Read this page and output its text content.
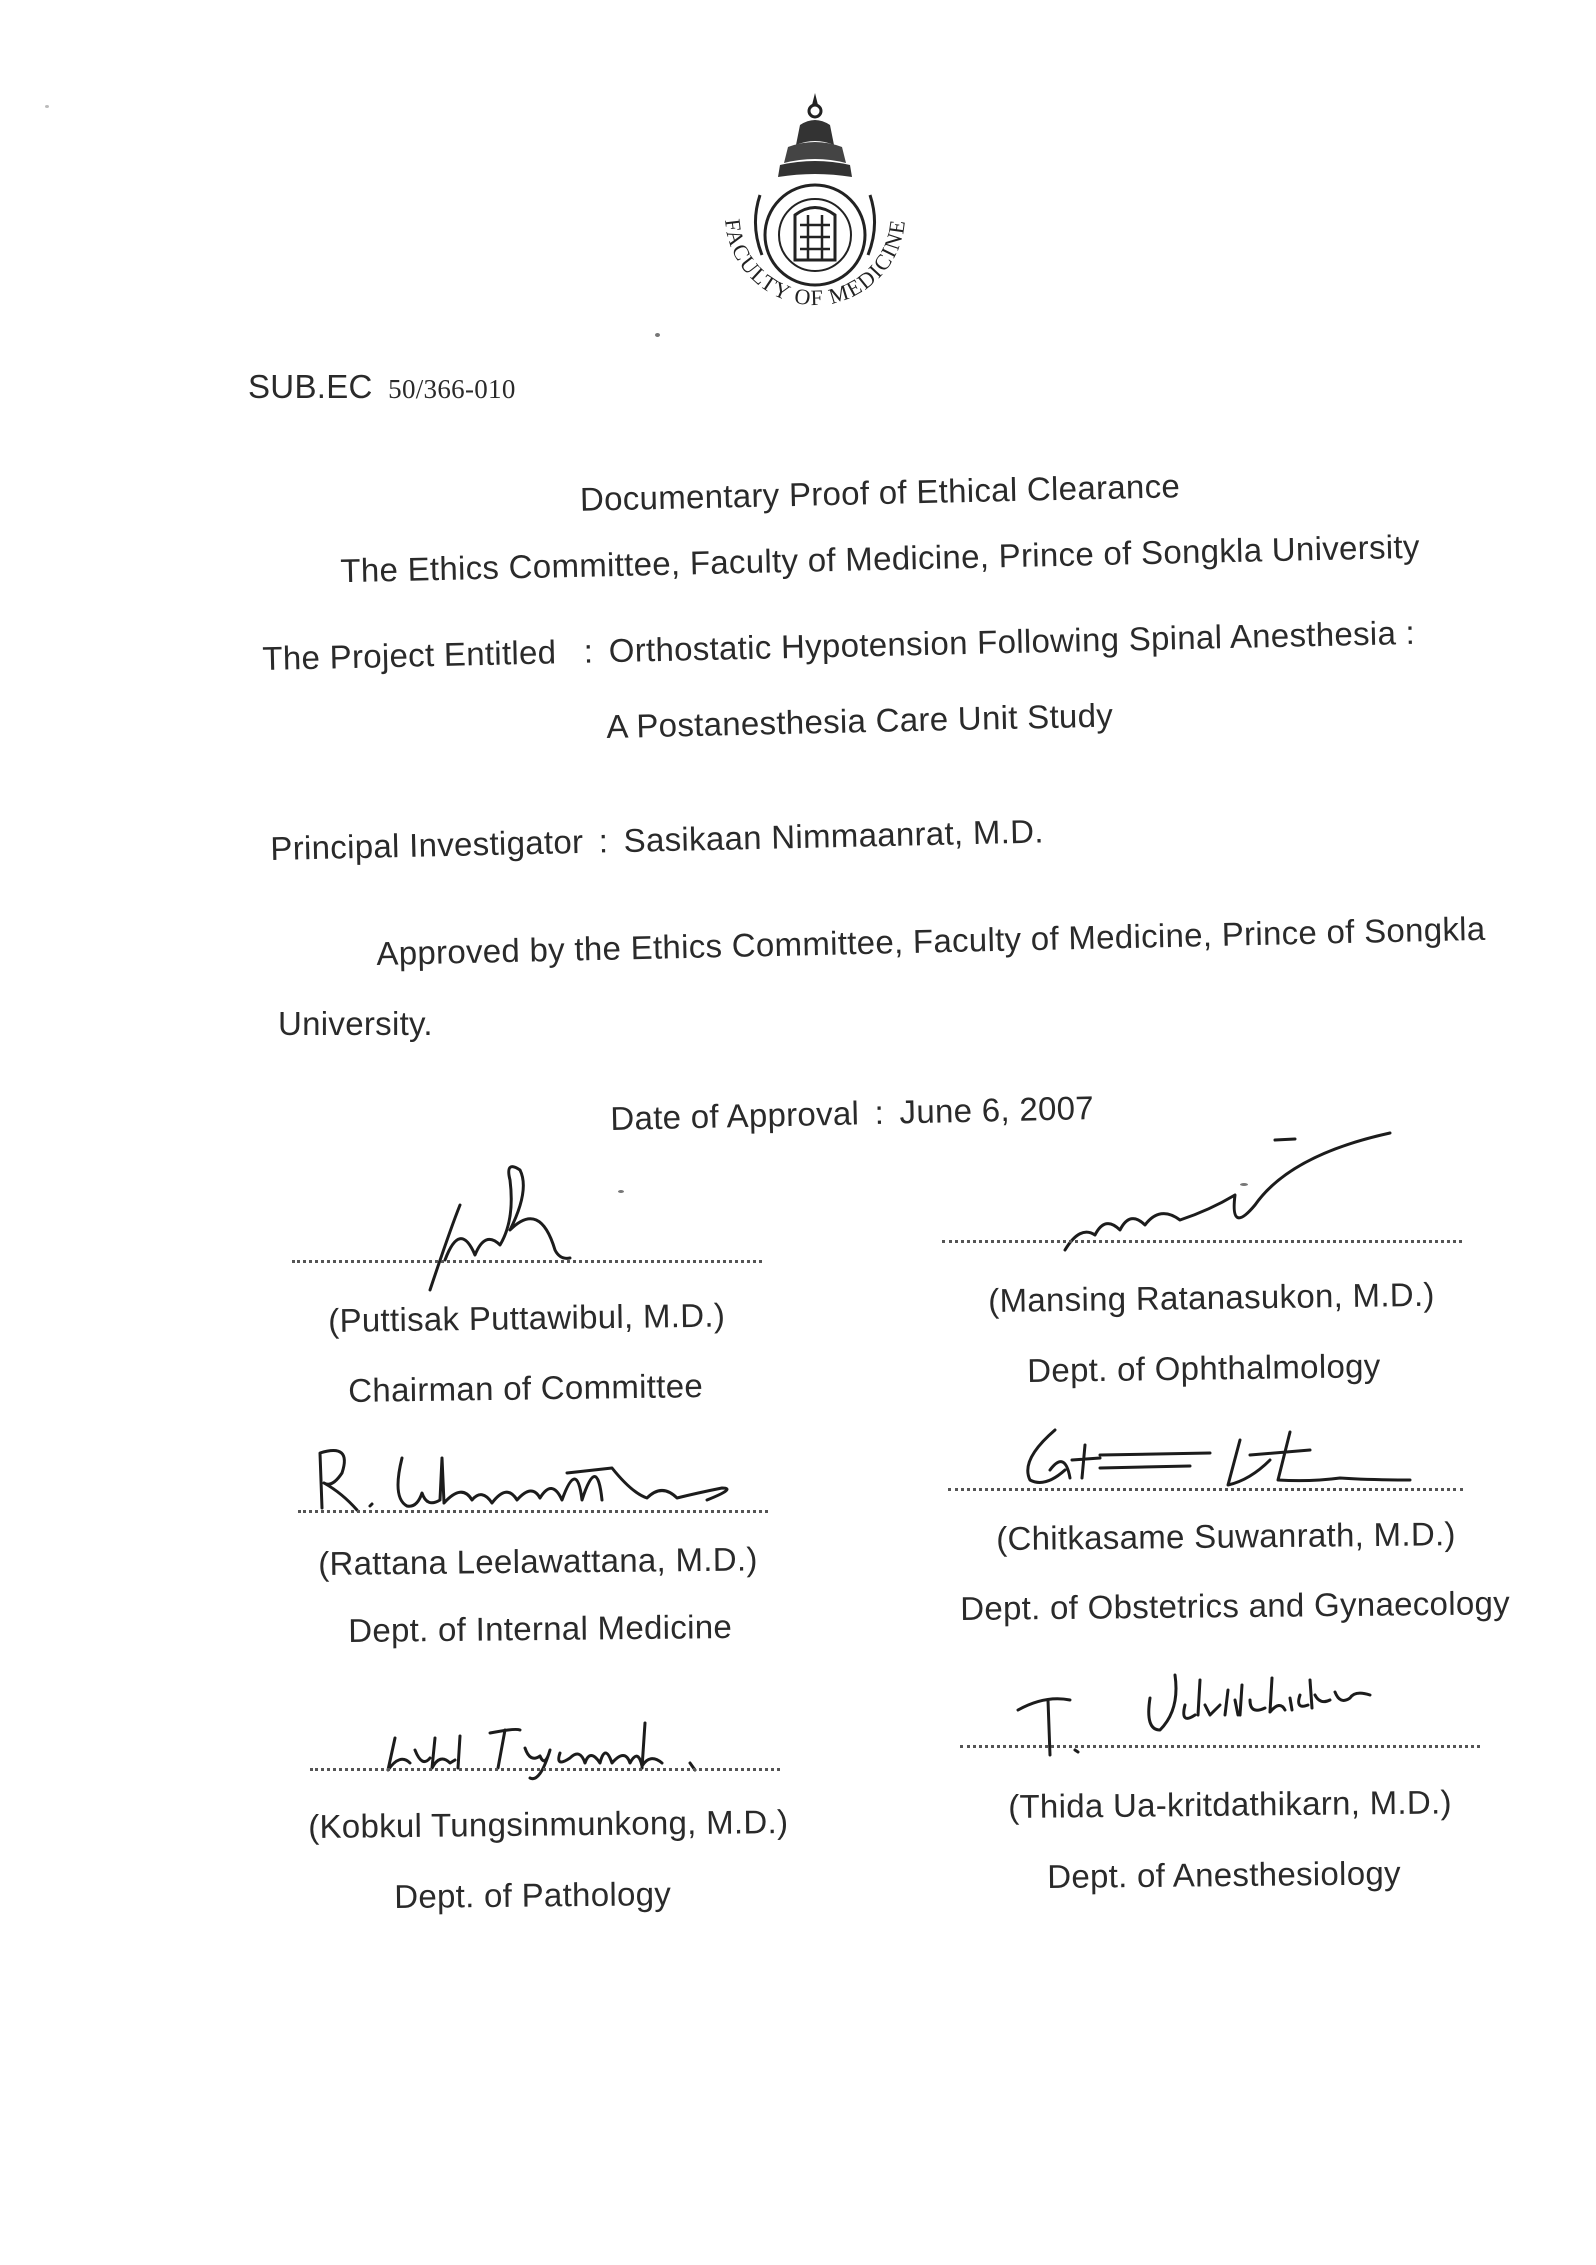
FACULTY OF MEDICINE
SUB.EC 50/366-010
Documentary Proof of Ethical Clearance
The Ethics Committee, Faculty of Medicine, Prince of Songkla University
The Project Entitled : Orthostatic Hypotension Following Spinal Anesthesia :
A Postanesthesia Care Unit Study
Principal Investigator : Sasikaan Nimmaanrat, M.D.
Approved by the Ethics Committee, Faculty of Medicine, Prince of Songkla
University.
Date of Approval : June 6, 2007
(Puttisak Puttawibul, M.D.)
Chairman of Committee
(Mansing Ratanasukon, M.D.)
Dept. of Ophthalmology
(Rattana Leelawattana, M.D.)
Dept. of Internal Medicine
(Chitkasame Suwanrath, M.D.)
Dept. of Obstetrics and Gynaecology
(Kobkul Tungsinmunkong, M.D.)
Dept. of Pathology
(Thida Ua-kritdathikarn, M.D.)
Dept. of Anesthesiology
